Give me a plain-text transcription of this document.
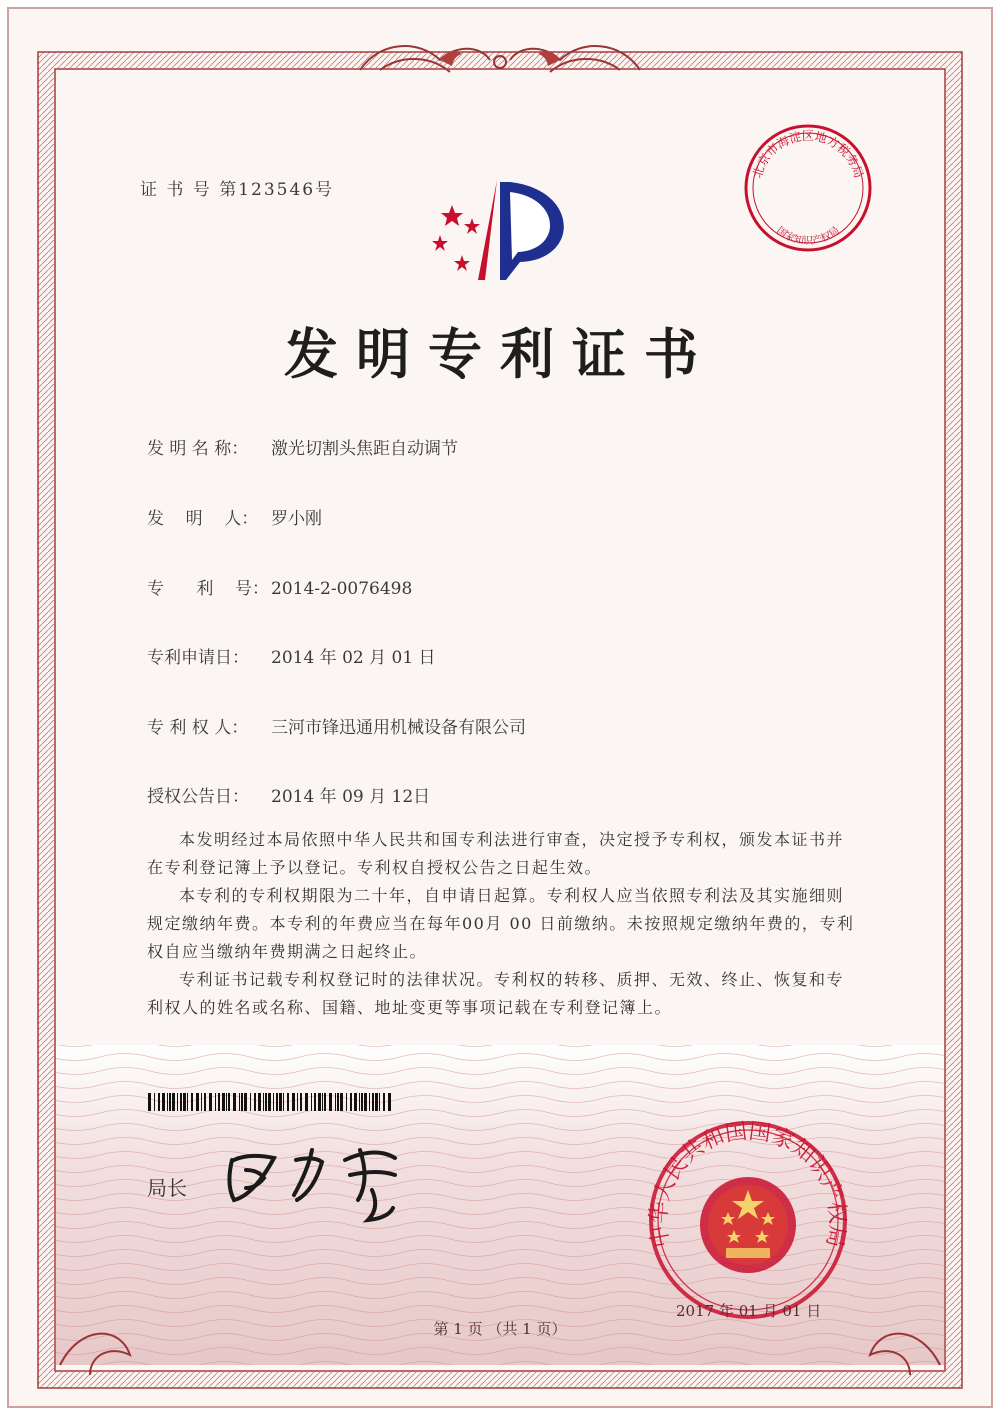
北京市海淀区地方税务局
国家知识产权局
中华人民共和国国家知识产权局
证 书 号 第123546号
发明专利证书
发 明 名 称： 激光切割头焦距自动调节
发    明    人： 罗小刚
专      利    号： 2014-2-0076498
专利申请日： 2014 年 02 月 01 日
专 利 权 人： 三河市锋迅通用机械设备有限公司
授权公告日： 2014 年 09 月 12日

本发明经过本局依照中华人民共和国专利法进行审查，决定授予专利权，颁发本证书并在专利登记簿上予以登记。专利权自授权公告之日起生效。

本专利的专利权期限为二十年，自申请日起算。专利权人应当依照专利法及其实施细则规定缴纳年费。本专利的年费应当在每年00月 00 日前缴纳。未按照规定缴纳年费的，专利权自应当缴纳年费期满之日起终止。

专利证书记载专利权登记时的法律状况。专利权的转移、质押、无效、终止、恢复和专利权人的姓名或名称、国籍、地址变更等事项记载在专利登记簿上。

局长
2017 年 01 月 01 日
第 1 页 （共 1 页）
